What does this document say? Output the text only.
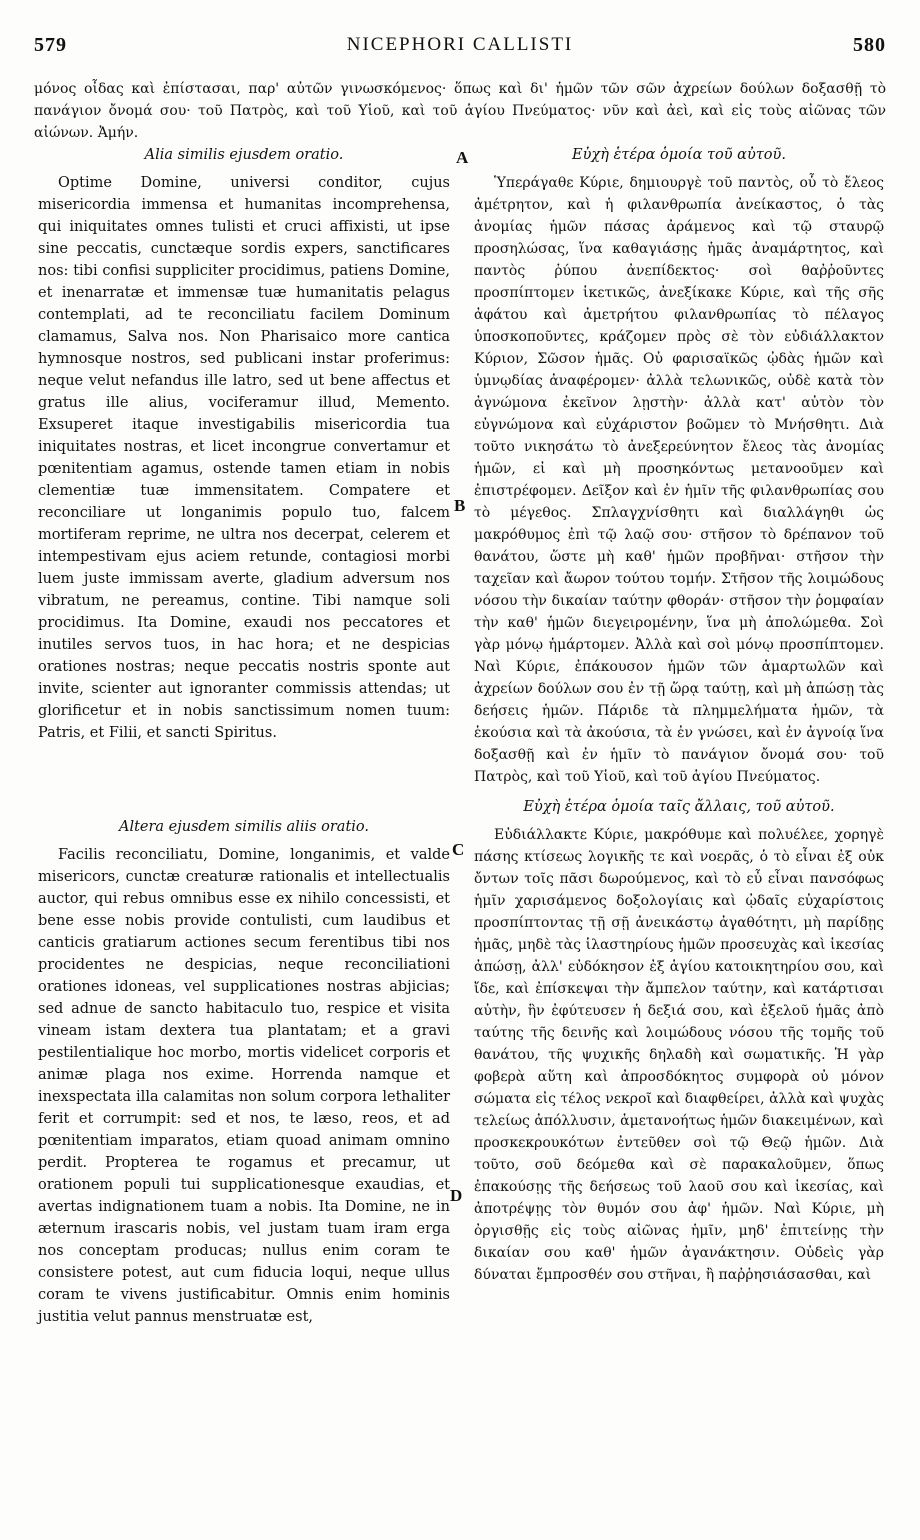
579	NICEPHORI CALLISTI	580

μόνος οἶδας καὶ ἐπίστασαι, παρ' αὐτῶν γινωσκόμενος· ὅπως καὶ δι' ἡμῶν τῶν σῶν ἀχρείων δούλων δοξασθῇ τὸ πανάγιον ὄνομά σου· τοῦ Πατρὸς, καὶ τοῦ Υἱοῦ, καὶ τοῦ ἁγίου Πνεύματος· νῦν καὶ ἀεὶ, καὶ εἰς τοὺς αἰῶνας τῶν αἰώνων. Ἀμήν.

Alia similis ejusdem oratio.

Optime Domine, universi conditor, cujus misericordia immensa et humanitas incomprehensa, qui iniquitates omnes tulisti et cruci affixisti, ut ipse sine peccatis, cunctæque sordis expers, sanctificares nos: tibi confisi suppliciter procidimus, patiens Domine, et inenarratæ et immensæ tuæ humanitatis pelagus contemplati, ad te reconciliatu facilem Dominum clamamus, Salva nos. Non Pharisaico more cantica hymnosque nostros, sed publicani instar proferimus: neque velut nefandus ille latro, sed ut bene affectus et gratus ille alius, vociferamur illud, Memento. Exsuperet itaque investigabilis misericordia tua iniquitates nostras, et licet incongrue convertamur et pœnitentiam agamus, ostende tamen etiam in nobis clementiæ tuæ immensitatem. Compatere et reconciliare ut longanimis populo tuo, falcem mortiferam reprime, ne ultra nos decerpat, celerem et intempestivam ejus aciem retunde, contagiosi morbi luem juste immissam averte, gladium adversum nos vibratum, ne pereamus, contine. Tibi namque soli procidimus. Ita Domine, exaudi nos peccatores et inutiles servos tuos, in hac hora; et ne despicias orationes nostras; neque peccatis nostris sponte aut invite, scienter aut ignoranter commissis attendas; ut glorificetur et in nobis sanctissimum nomen tuum: Patris, et Filii, et sancti Spiritus.

Altera ejusdem similis aliis oratio.

Facilis reconciliatu, Domine, longanimis, et valde misericors, cunctæ creaturæ rationalis et intellectualis auctor, qui rebus omnibus esse ex nihilo concessisti, et bene esse nobis provide contulisti, cum laudibus et canticis gratiarum actiones secum ferentibus tibi nos procidentes ne despicias, neque reconciliationi orationes idoneas, vel supplicationes nostras abjicias; sed adnue de sancto habitaculo tuo, respice et visita vineam istam dextera tua plantatam; et a gravi pestilentialique hoc morbo, mortis videlicet corporis et animæ plaga nos exime. Horrenda namque et inexspectata illa calamitas non solum corpora lethaliter ferit et corrumpit: sed et nos, te læso, reos, et ad pœnitentiam imparatos, etiam quoad animam omnino perdit. Propterea te rogamus et precamur, ut orationem populi tui supplicationesque exaudias, et avertas indignationem tuam a nobis. Ita Domine, ne in æternum irascaris nobis, vel justam tuam iram erga nos conceptam producas; nullus enim coram te consistere potest, aut cum fiducia loqui, neque ullus coram te vivens justificabitur. Omnis enim hominis justitia velut pannus menstruatæ est,

Εὐχὴ ἑτέρα ὁμοία τοῦ αὐτοῦ.

Ὑπεράγαθε Κύριε, δημιουργὲ τοῦ παντὸς, οὗ τὸ ἔλεος ἀμέτρητον, καὶ ἡ φιλανθρωπία ἀνείκαστος, ὁ τὰς ἀνομίας ἡμῶν πάσας ἀράμενος καὶ τῷ σταυρῷ προσηλώσας, ἵνα καθαγιάσῃς ἡμᾶς ἀναμάρτητος, καὶ παντὸς ῥύπου ἀνεπίδεκτος· σοὶ θαῤῥοῦντες προσπίπτομεν ἱκετικῶς, ἀνεξίκακε Κύριε, καὶ τῆς σῆς ἀφάτου καὶ ἀμετρήτου φιλανθρωπίας τὸ πέλαγος ὑποσκοποῦντες, κράζομεν πρὸς σὲ τὸν εὐδιάλλακτον Κύριον, Σῶσον ἡμᾶς. Οὐ φαρισαϊκῶς ᾠδὰς ἡμῶν καὶ ὑμνῳδίας ἀναφέρομεν· ἀλλὰ τελωνικῶς, οὐδὲ κατὰ τὸν ἀγνώμονα ἐκεῖνον λῃστὴν· ἀλλὰ κατ' αὐτὸν τὸν εὐγνώμονα καὶ εὐχάριστον βοῶμεν τὸ Μνήσθητι. Διὰ τοῦτο νικησάτω τὸ ἀνεξερεύνητον ἔλεος τὰς ἀνομίας ἡμῶν, εἰ καὶ μὴ προσηκόντως μετανοοῦμεν καὶ ἐπιστρέφομεν. Δεῖξον καὶ ἐν ἡμῖν τῆς φιλανθρωπίας σου τὸ μέγεθος. Σπλαγχνίσθητι καὶ διαλλάγηθι ὡς μακρόθυμος ἐπὶ τῷ λαῷ σου· στῆσον τὸ δρέπανον τοῦ θανάτου, ὥστε μὴ καθ' ἡμῶν προβῆναι· στῆσον τὴν ταχεῖαν καὶ ἄωρον τούτου τομήν. Στῆσον τῆς λοιμώδους νόσου τὴν δικαίαν ταύτην φθοράν· στῆσον τὴν ῥομφαίαν τὴν καθ' ἡμῶν διεγειρομένην, ἵνα μὴ ἀπολώμεθα. Σοὶ γὰρ μόνῳ ἡμάρτομεν. Ἀλλὰ καὶ σοὶ μόνῳ προσπίπτομεν. Ναὶ Κύριε, ἐπάκουσον ἡμῶν τῶν ἁμαρτωλῶν καὶ ἀχρείων δούλων σου ἐν τῇ ὥρᾳ ταύτῃ, καὶ μὴ ἀπώσῃ τὰς δεήσεις ἡμῶν. Πάριδε τὰ πλημμελήματα ἡμῶν, τὰ ἑκούσια καὶ τὰ ἀκούσια, τὰ ἐν γνώσει, καὶ ἐν ἀγνοίᾳ ἵνα δοξασθῇ καὶ ἐν ἡμῖν τὸ πανάγιον ὄνομά σου· τοῦ Πατρὸς, καὶ τοῦ Υἱοῦ, καὶ τοῦ ἁγίου Πνεύματος.

Εὐχὴ ἑτέρα ὁμοία ταῖς ἄλλαις, τοῦ αὐτοῦ.

Εὐδιάλλακτε Κύριε, μακρόθυμε καὶ πολυέλεε, χορηγὲ πάσης κτίσεως λογικῆς τε καὶ νοερᾶς, ὁ τὸ εἶναι ἐξ οὐκ ὄντων τοῖς πᾶσι δωρούμενος, καὶ τὸ εὖ εἶναι πανσόφως ἡμῖν χαρισάμενος δοξολογίαις καὶ ᾠδαῖς εὐχαρίστοις προσπίπτοντας τῇ σῇ ἀνεικάστῳ ἀγαθότητι, μὴ παρίδῃς ἡμᾶς, μηδὲ τὰς ἱλαστηρίους ἡμῶν προσευχὰς καὶ ἱκεσίας ἀπώσῃ, ἀλλ' εὐδόκησον ἐξ ἁγίου κατοικητηρίου σου, καὶ ἴδε, καὶ ἐπίσκεψαι τὴν ἄμπελον ταύτην, καὶ κατάρτισαι αὐτὴν, ἣν ἐφύτευσεν ἡ δεξιά σου, καὶ ἐξελοῦ ἡμᾶς ἀπὸ ταύτης τῆς δεινῆς καὶ λοιμώδους νόσου τῆς τομῆς τοῦ θανάτου, τῆς ψυχικῆς δηλαδὴ καὶ σωματικῆς. Ἡ γὰρ φοβερὰ αὕτη καὶ ἀπροσδόκητος συμφορὰ οὐ μόνον σώματα εἰς τέλος νεκροῖ καὶ διαφθείρει, ἀλλὰ καὶ ψυχὰς τελείως ἀπόλλυσιν, ἀμετανοήτως ἡμῶν διακειμένων, καὶ προσκεκρουκότων ἐντεῦθεν σοὶ τῷ Θεῷ ἡμῶν. Διὰ τοῦτο, σοῦ δεόμεθα καὶ σὲ παρακαλοῦμεν, ὅπως ἐπακούσῃς τῆς δεήσεως τοῦ λαοῦ σου καὶ ἱκεσίας, καὶ ἀποτρέψῃς τὸν θυμόν σου ἀφ' ἡμῶν. Ναὶ Κύριε, μὴ ὀργισθῇς εἰς τοὺς αἰῶνας ἡμῖν, μηδ' ἐπιτείνῃς τὴν δικαίαν σου καθ' ἡμῶν ἀγανάκτησιν. Οὐδεὶς γὰρ δύναται ἔμπροσθέν σου στῆναι, ἢ παῤῥησιάσασθαι, καὶ

A
B
C
D
